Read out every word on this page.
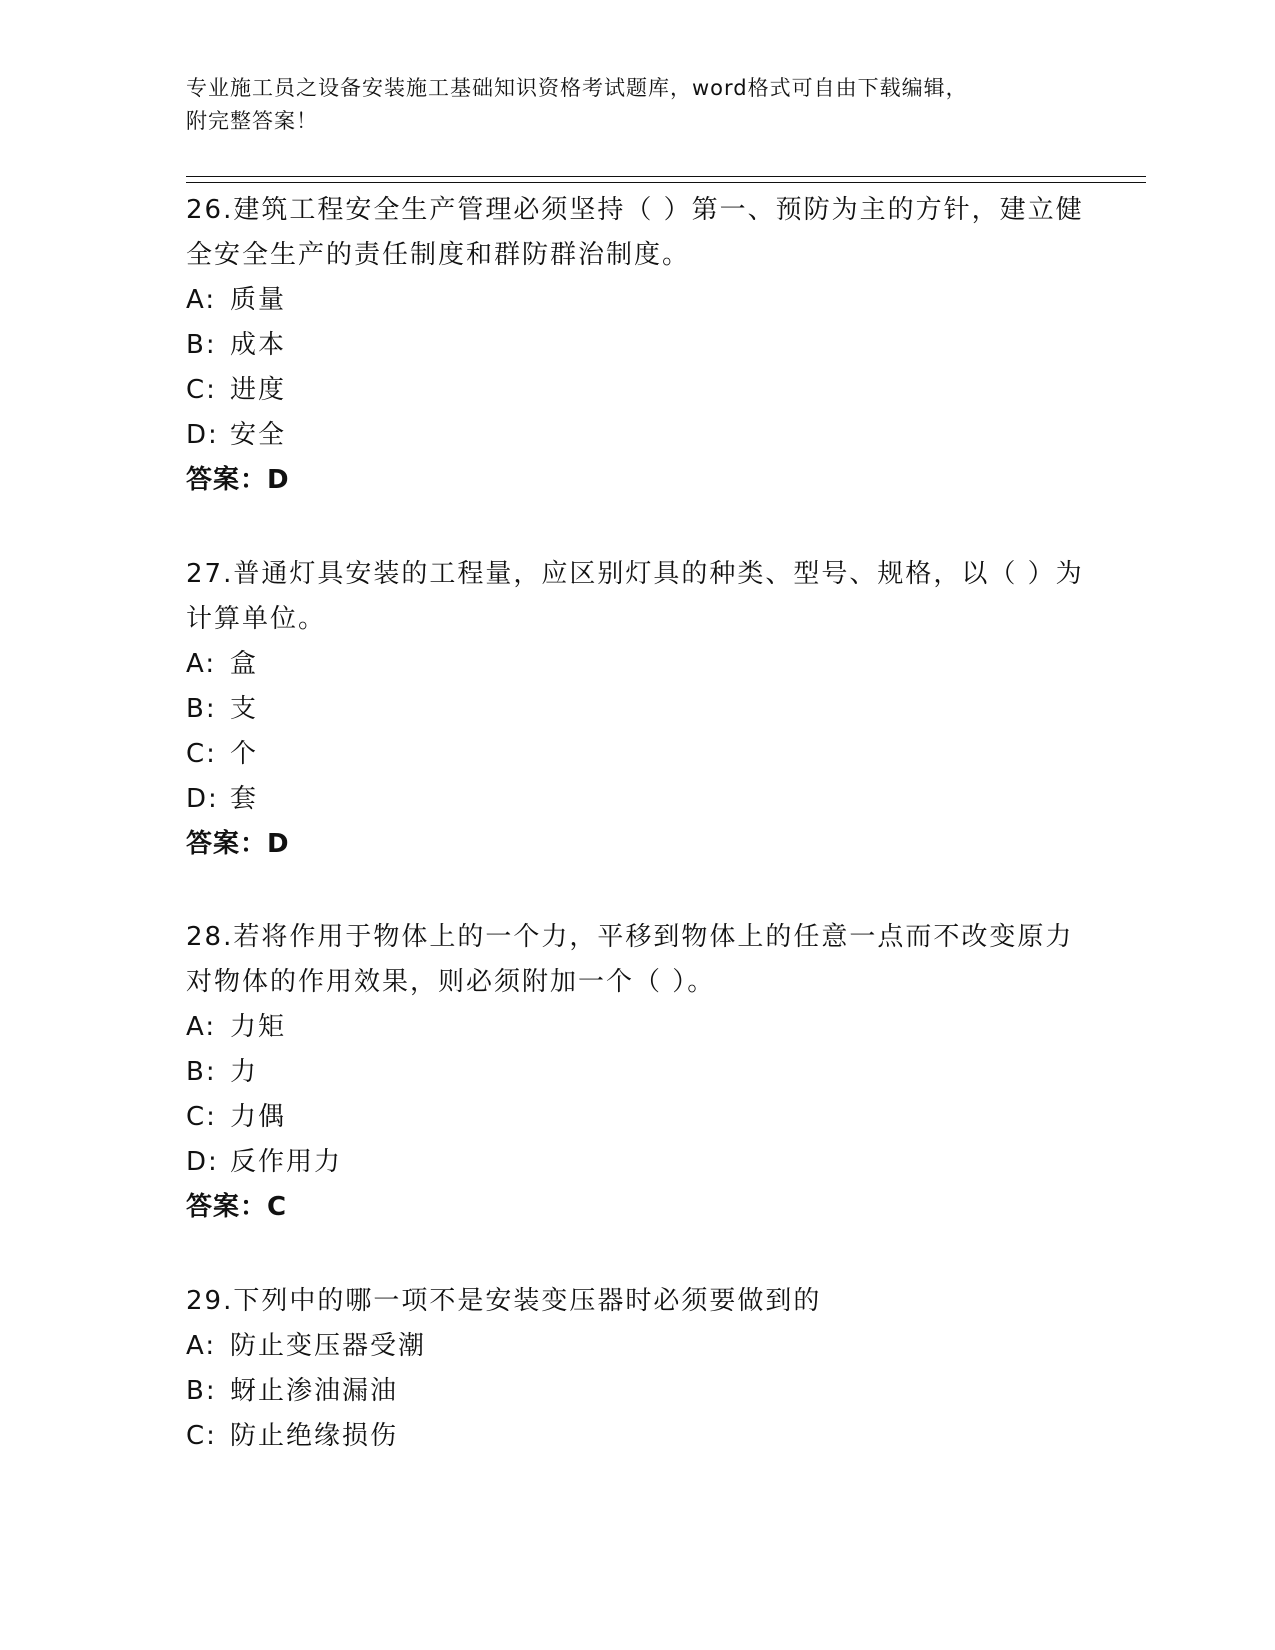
专业施工员之设备安装施工基础知识资格考试题库，word格式可自由下载编辑，
附完整答案！

26.建筑工程安全生产管理必须坚持（ ）第一、预防为主的方针，建立健全安全生产的责任制度和群防群治制度。

A: 质量

B: 成本

C: 进度

D: 安全

答案：D

27.普通灯具安装的工程量，应区别灯具的种类、型号、规格，以（ ）为计算单位。

A: 盒

B: 支

C: 个

D: 套

答案：D

28.若将作用于物体上的一个力，平移到物体上的任意一点而不改变原力对物体的作用效果，则必须附加一个（ ）。

A: 力矩

B: 力

C: 力偶

D: 反作用力

答案：C

29.下列中的哪一项不是安装变压器时必须要做到的

A: 防止变压器受潮

B: 蚜止渗油漏油

C: 防止绝缘损伤
